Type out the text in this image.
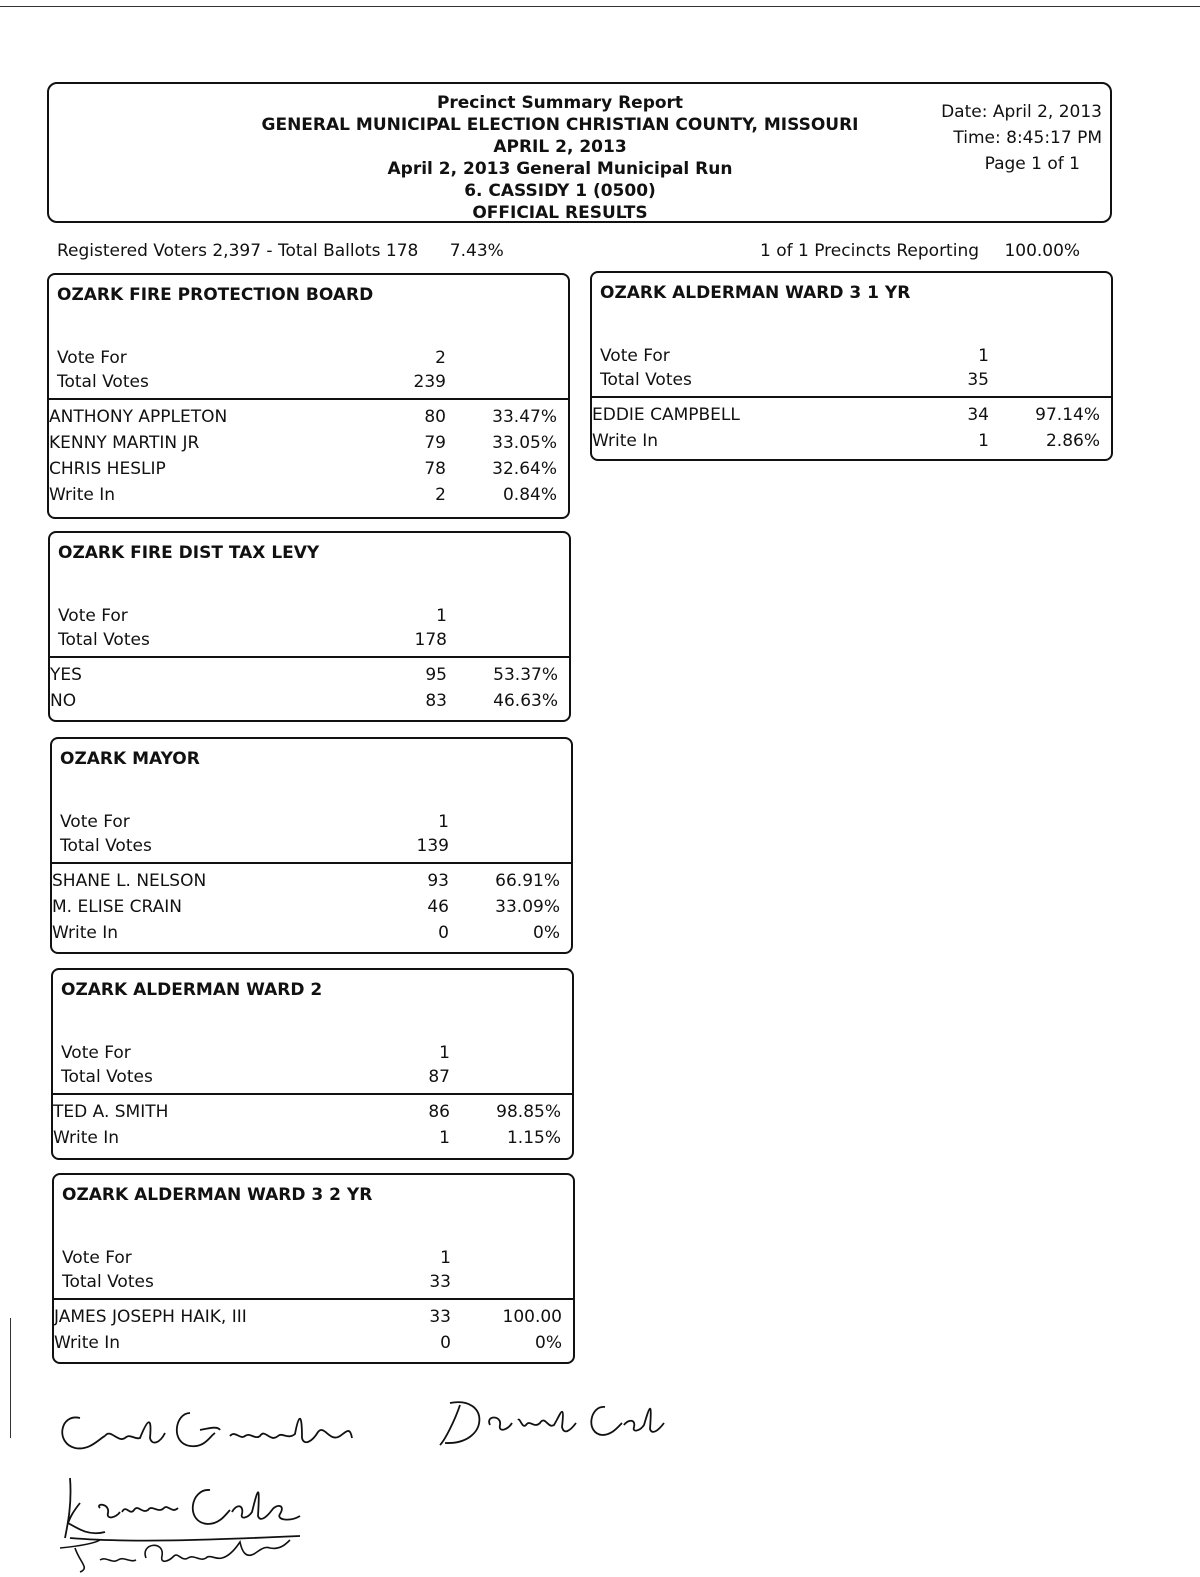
Precinct Summary Report
GENERAL MUNICIPAL ELECTION CHRISTIAN COUNTY, MISSOURI
APRIL 2, 2013
April 2, 2013 General Municipal Run
6. CASSIDY 1 (0500)
OFFICIAL RESULTS
Date: April 2, 2013
Time: 8:45:17 PM
Page 1 of 1
Registered Voters 2,397 - Total Ballots 178 7.43%	1 of 1 Precincts Reporting 100.00%
OZARK FIRE PROTECTION BOARD
Vote For	2
Total Votes	239
ANTHONY APPLETON	80	33.47%
KENNY MARTIN JR	79	33.05%
CHRIS HESLIP	78	32.64%
Write In	2	0.84%
OZARK FIRE DIST TAX LEVY
Vote For	1
Total Votes	178
YES	95	53.37%
NO	83	46.63%
OZARK MAYOR
Vote For	1
Total Votes	139
SHANE L. NELSON	93	66.91%
M. ELISE CRAIN	46	33.09%
Write In	0	0%
OZARK ALDERMAN WARD 2
Vote For	1
Total Votes	87
TED A. SMITH	86	98.85%
Write In	1	1.15%
OZARK ALDERMAN WARD 3 2 YR
Vote For	1
Total Votes	33
JAMES JOSEPH HAIK, III	33	100.00
Write In	0	0%
OZARK ALDERMAN WARD 3 1 YR
Vote For	1
Total Votes	35
EDDIE CAMPBELL	34	97.14%
Write In	1	2.86%
